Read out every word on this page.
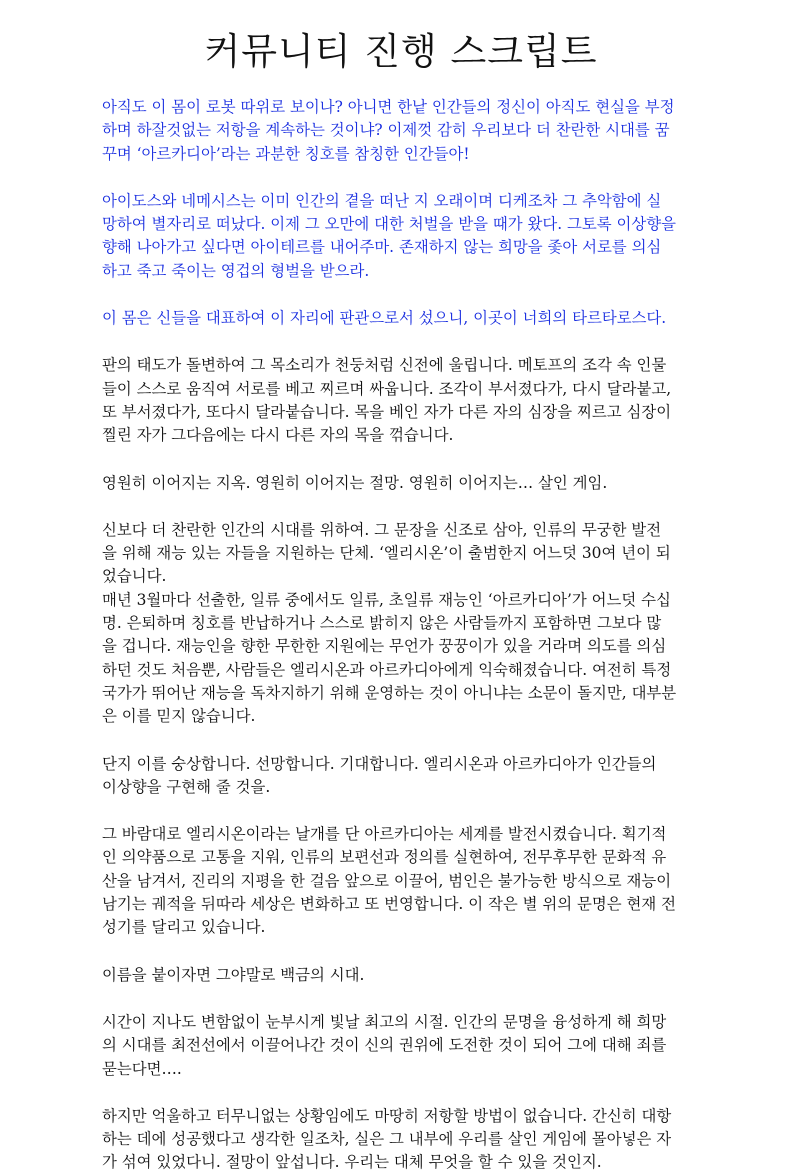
커뮤니티 진행 스크립트

아직도 이 몸이 로봇 따위로 보이나? 아니면 한낱 인간들의 정신이 아직도 현실을 부정
하며 하잘것없는 저항을 계속하는 것이냐? 이제껏 감히 우리보다 더 찬란한 시대를 꿈
꾸며 ‘아르카디아’라는 과분한 칭호를 참칭한 인간들아!

아이도스와 네메시스는 이미 인간의 곁을 떠난 지 오래이며 디케조차 그 추악함에 실
망하여 별자리로 떠났다. 이제 그 오만에 대한 처벌을 받을 때가 왔다. 그토록 이상향을
향해 나아가고 싶다면 아이테르를 내어주마. 존재하지 않는 희망을 좇아 서로를 의심
하고 죽고 죽이는 영겁의 형벌을 받으라.

이 몸은 신들을 대표하여 이 자리에 판관으로서 섰으니, 이곳이 너희의 타르타로스다.

판의 태도가 돌변하여 그 목소리가 천둥처럼 신전에 울립니다. 메토프의 조각 속 인물
들이 스스로 움직여 서로를 베고 찌르며 싸웁니다. 조각이 부서졌다가, 다시 달라붙고,
또 부서졌다가, 또다시 달라붙습니다. 목을 베인 자가 다른 자의 심장을 찌르고 심장이
찔린 자가 그다음에는 다시 다른 자의 목을 꺾습니다.

영원히 이어지는 지옥. 영원히 이어지는 절망. 영원히 이어지는… 살인 게임.

신보다 더 찬란한 인간의 시대를 위하여. 그 문장을 신조로 삼아, 인류의 무궁한 발전
을 위해 재능 있는 자들을 지원하는 단체. ‘엘리시온’이 출범한지 어느덧 30여 년이 되
었습니다.

매년 3월마다 선출한, 일류 중에서도 일류, 초일류 재능인 ‘아르카디아’가 어느덧 수십
명. 은퇴하며 칭호를 반납하거나 스스로 밝히지 않은 사람들까지 포함하면 그보다 많
을 겁니다. 재능인을 향한 무한한 지원에는 무언가 꿍꿍이가 있을 거라며 의도를 의심
하던 것도 처음뿐, 사람들은 엘리시온과 아르카디아에게 익숙해졌습니다. 여전히 특정
국가가 뛰어난 재능을 독차지하기 위해 운영하는 것이 아니냐는 소문이 돌지만, 대부분
은 이를 믿지 않습니다.

단지 이를 숭상합니다. 선망합니다. 기대합니다. 엘리시온과 아르카디아가 인간들의
이상향을 구현해 줄 것을.

그 바람대로 엘리시온이라는 날개를 단 아르카디아는 세계를 발전시켰습니다. 획기적
인 의약품으로 고통을 지워, 인류의 보편선과 정의를 실현하여, 전무후무한 문화적 유
산을 남겨서, 진리의 지평을 한 걸음 앞으로 이끌어, 범인은 불가능한 방식으로 재능이
남기는 궤적을 뒤따라 세상은 변화하고 또 번영합니다. 이 작은 별 위의 문명은 현재 전
성기를 달리고 있습니다.

이름을 붙이자면 그야말로 백금의 시대.

시간이 지나도 변함없이 눈부시게 빛날 최고의 시절. 인간의 문명을 융성하게 해 희망
의 시대를 최전선에서 이끌어나간 것이 신의 권위에 도전한 것이 되어 그에 대해 죄를
묻는다면….

하지만 억울하고 터무니없는 상황임에도 마땅히 저항할 방법이 없습니다. 간신히 대항
하는 데에 성공했다고 생각한 일조차, 실은 그 내부에 우리를 살인 게임에 몰아넣은 자
가 섞여 있었다니. 절망이 앞섭니다. 우리는 대체 무엇을 할 수 있을 것인지.
